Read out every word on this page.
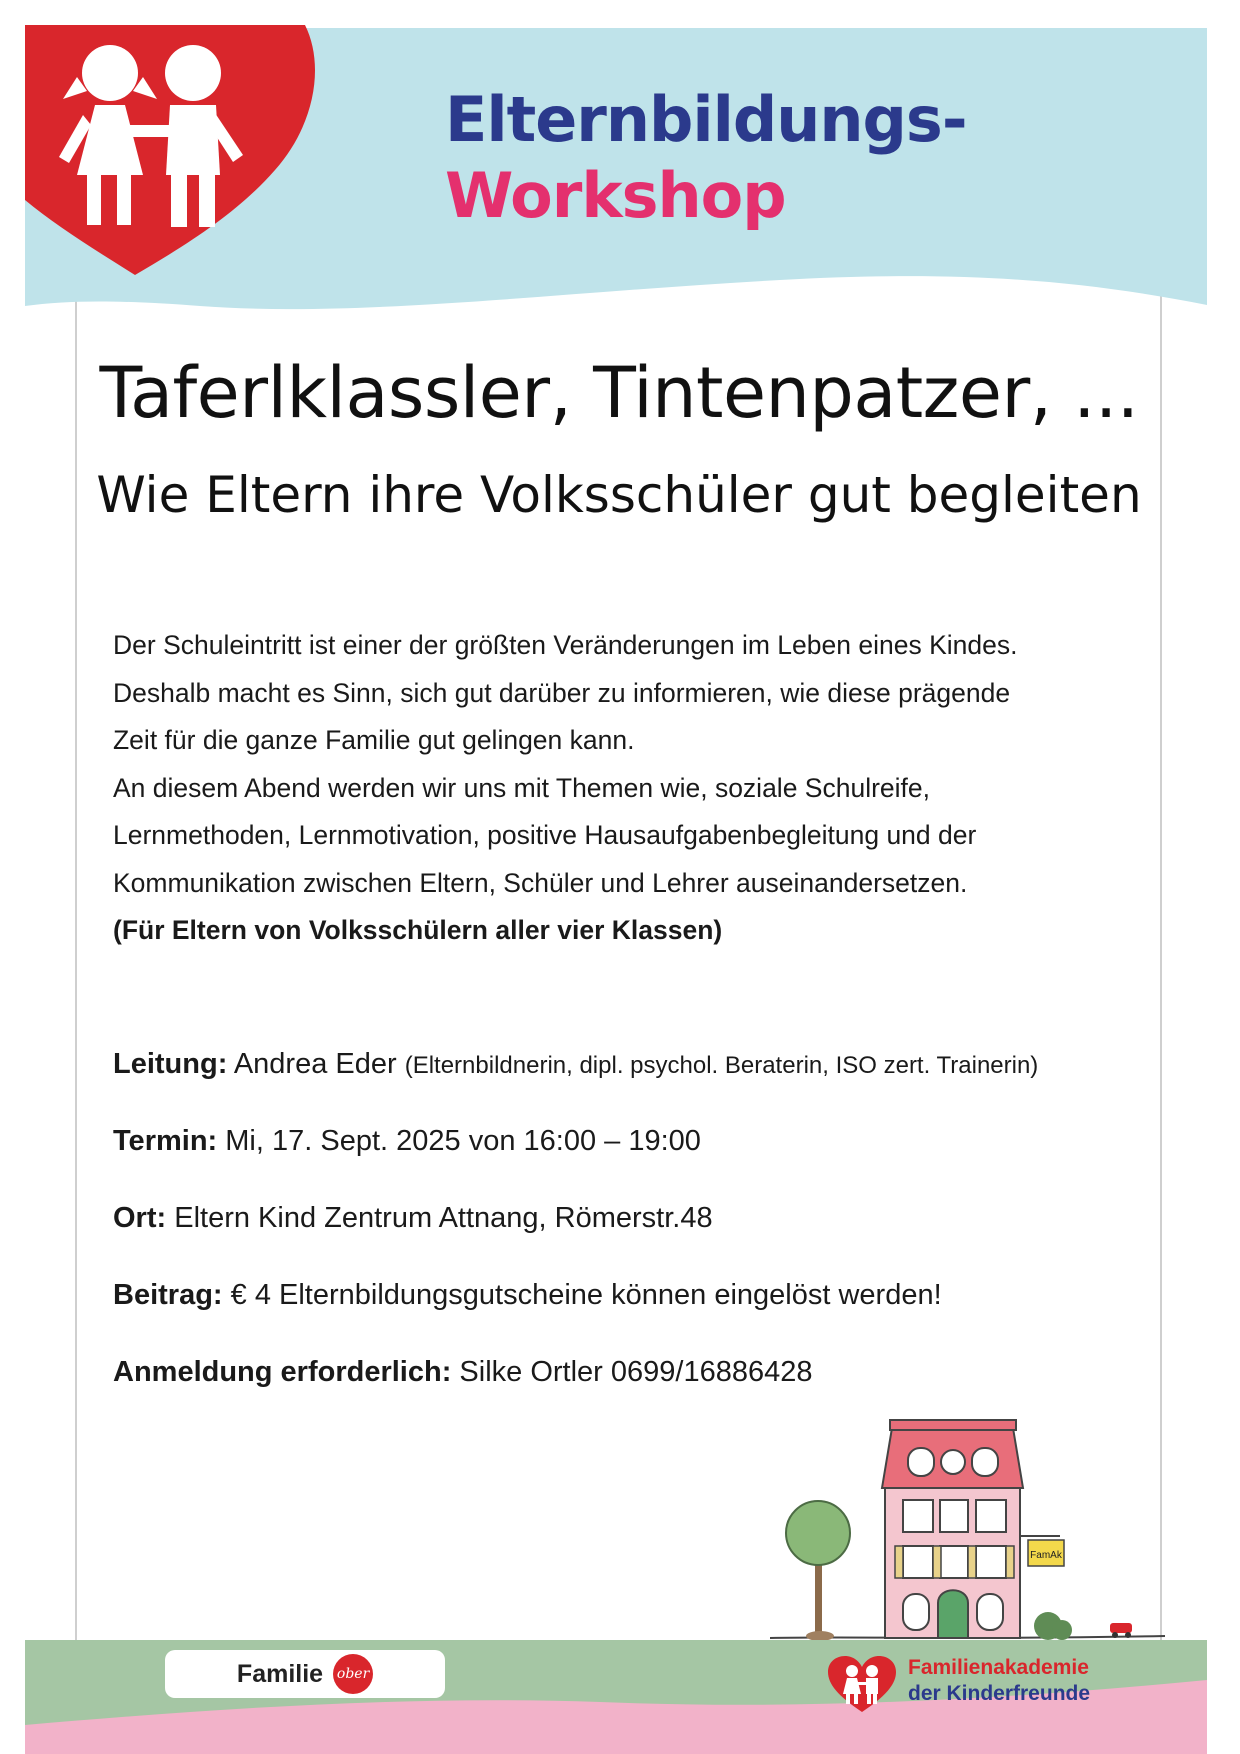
Elternbildungs-
Workshop
Taferlklassler, Tintenpatzer, ...
Wie Eltern ihre Volksschüler gut begleiten

Der Schuleintritt ist einer der größten Veränderungen im Leben eines Kindes.

Deshalb macht es Sinn, sich gut darüber zu informieren, wie diese prägende

Zeit für die ganze Familie gut gelingen kann.

An diesem Abend werden wir uns mit Themen wie, soziale Schulreife,

Lernmethoden, Lernmotivation, positive Hausaufgabenbegleitung und der

Kommunikation zwischen Eltern, Schüler und Lehrer auseinandersetzen.

(Für Eltern von Volksschülern aller vier Klassen)

Leitung: Andrea Eder (Elternbildnerin, dipl. psychol. Beraterin, ISO zert. Trainerin)
Termin: Mi, 17. Sept. 2025 von 16:00 – 19:00
Ort: Eltern Kind Zentrum Attnang, Römerstr.48
Beitrag: € 4 Elternbildungsgutscheine können eingelöst werden!
Anmeldung erforderlich: Silke Ortler 0699/16886428
FamAk
Familie ober	Familienakademie
der Kinderfreunde
